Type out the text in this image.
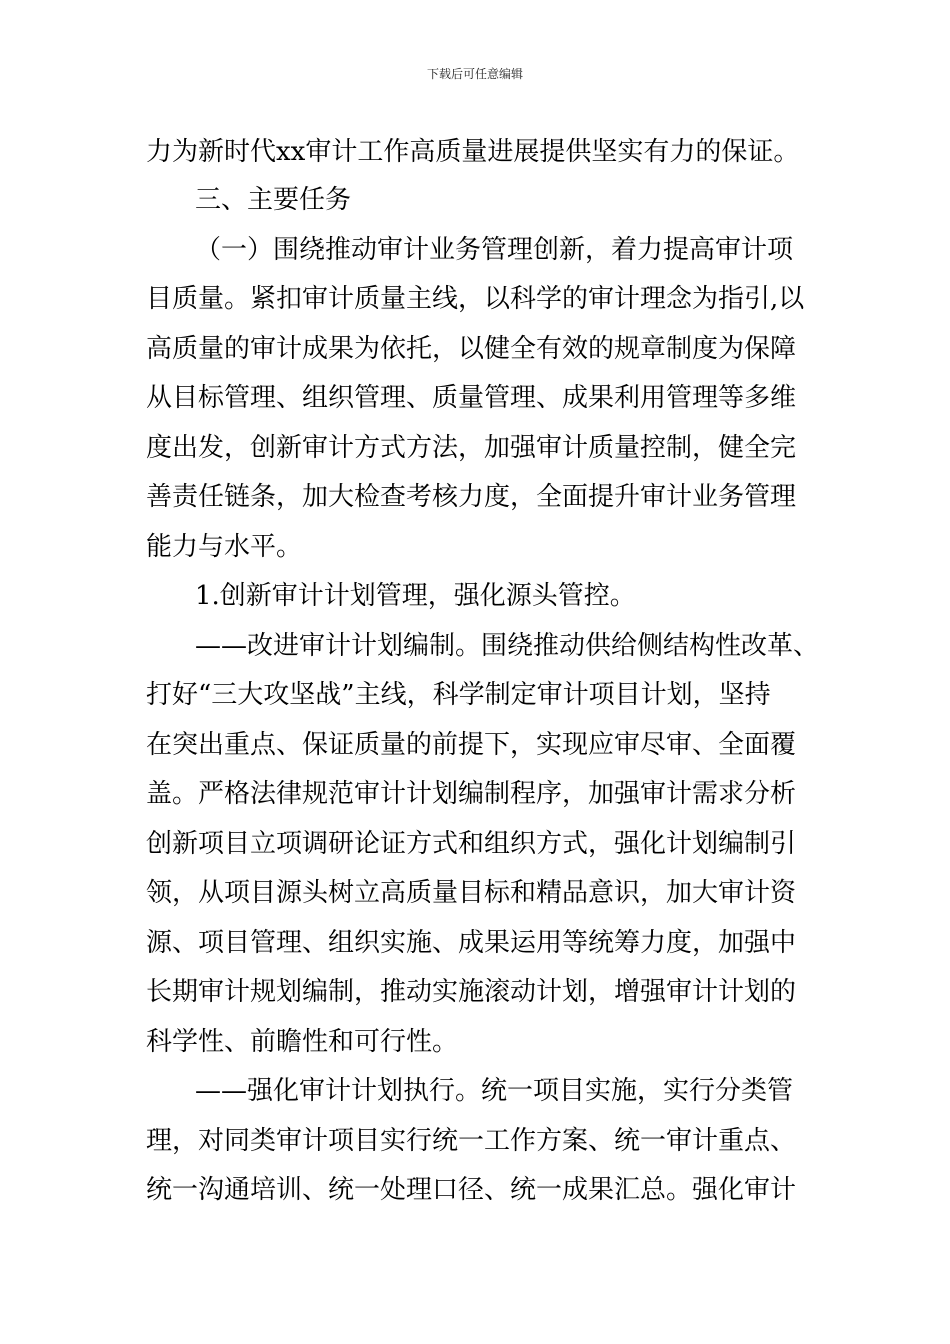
下载后可任意编辑
力为新时代xx审计工作高质量进展提供坚实有力的保证。
三、主要任务
（一）围绕推动审计业务管理创新，着力提高审计项
目质量。紧扣审计质量主线，以科学的审计理念为指引,以
高质量的审计成果为依托，以健全有效的规章制度为保障
从目标管理、组织管理、质量管理、成果利用管理等多维
度出发，创新审计方式方法，加强审计质量控制，健全完
善责任链条，加大检查考核力度，全面提升审计业务管理
能力与水平。
1.创新审计计划管理，强化源头管控。
——改进审计计划编制。围绕推动供给侧结构性改革、
打好“三大攻坚战”主线，科学制定审计项目计划，坚持
在突出重点、保证质量的前提下，实现应审尽审、全面覆
盖。严格法律规范审计计划编制程序，加强审计需求分析
创新项目立项调研论证方式和组织方式，强化计划编制引
领，从项目源头树立高质量目标和精品意识，加大审计资
源、项目管理、组织实施、成果运用等统筹力度，加强中
长期审计规划编制，推动实施滚动计划，增强审计计划的
科学性、前瞻性和可行性。
——强化审计计划执行。统一项目实施，实行分类管
理，对同类审计项目实行统一工作方案、统一审计重点、
统一沟通培训、统一处理口径、统一成果汇总。强化审计
